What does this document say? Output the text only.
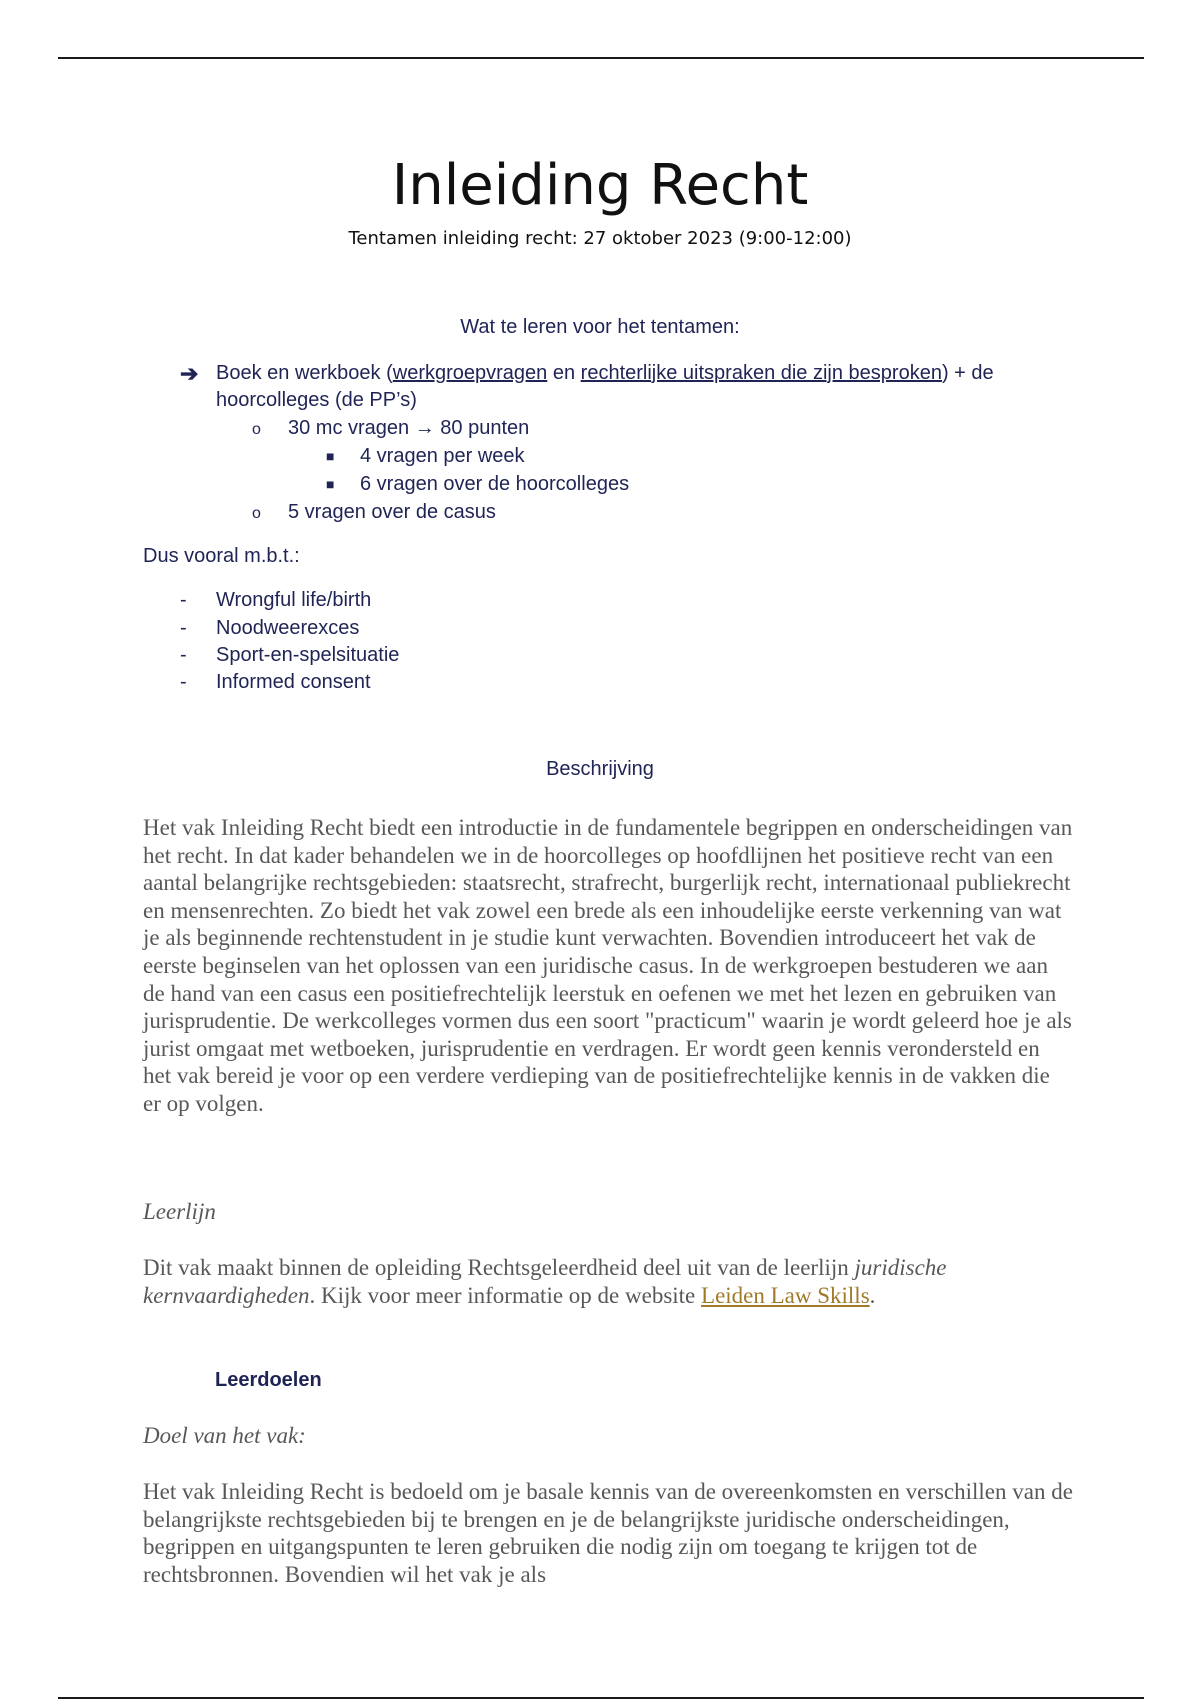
Inleiding Recht
Tentamen inleiding recht: 27 oktober 2023 (9:00-12:00)
Wat te leren voor het tentamen:
➔ Boek en werkboek (werkgroepvragen en rechterlijke uitspraken die zijn besproken) + de hoorcolleges (de PP’s)
o 30 mc vragen → 80 punten
■ 4 vragen per week
■ 6 vragen over de hoorcolleges
o 5 vragen over de casus
Dus vooral m.b.t.:
- Wrongful life/birth
- Noodweerexces
- Sport-en-spelsituatie
- Informed consent
Beschrijving
Het vak Inleiding Recht biedt een introductie in de fundamentele begrippen en onderscheidingen van het recht. In dat kader behandelen we in de hoorcolleges op hoofdlijnen het positieve recht van een aantal belangrijke rechtsgebieden: staatsrecht, strafrecht, burgerlijk recht, internationaal publiekrecht en mensenrechten. Zo biedt het vak zowel een brede als een inhoudelijke eerste verkenning van wat je als beginnende rechtenstudent in je studie kunt verwachten. Bovendien introduceert het vak de eerste beginselen van het oplossen van een juridische casus. In de werkgroepen bestuderen we aan de hand van een casus een positiefrechtelijk leerstuk en oefenen we met het lezen en gebruiken van jurisprudentie. De werkcolleges vormen dus een soort "practicum" waarin je wordt geleerd hoe je als jurist omgaat met wetboeken, jurisprudentie en verdragen. Er wordt geen kennis verondersteld en het vak bereid je voor op een verdere verdieping van de positiefrechtelijke kennis in de vakken die er op volgen.
Leerlijn
Dit vak maakt binnen de opleiding Rechtsgeleerdheid deel uit van de leerlijn juridische kernvaardigheden. Kijk voor meer informatie op de website Leiden Law Skills.
Leerdoelen
Doel van het vak:
Het vak Inleiding Recht is bedoeld om je basale kennis van de overeenkomsten en verschillen van de belangrijkste rechtsgebieden bij te brengen en je de belangrijkste juridische onderscheidingen, begrippen en uitgangspunten te leren gebruiken die nodig zijn om toegang te krijgen tot de rechtsbronnen. Bovendien wil het vak je als
